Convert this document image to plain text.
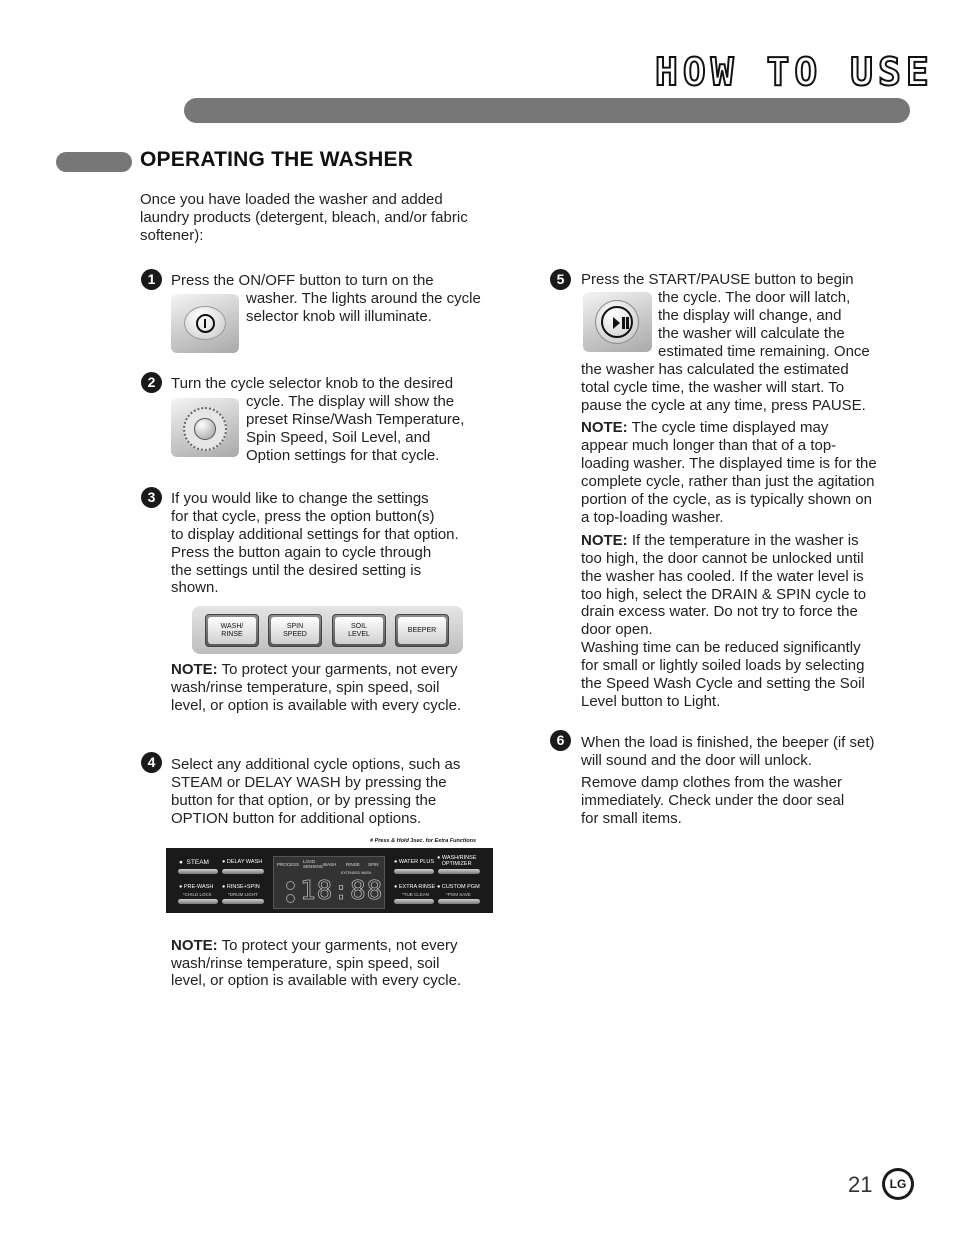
HOW TO USE
OPERATING THE WASHER
Once you have loaded the washer and added laundry products (detergent, bleach, and/or fabric softener):
1	Press the ON/OFF button to turn on the
washer. The lights around the cycle
selector knob will illuminate.
2	Turn the cycle selector knob to the desired
cycle. The display will show the
preset Rinse/Wash Temperature,
Spin Speed, Soil Level, and
Option settings for that cycle.
3	If you would like to change the settings
for that cycle, press the option button(s)
to display additional settings for that option.
Press the button again to cycle through
the settings until the desired setting is
shown.
WASH/
RINSE
SPIN
SPEED
SOIL
LEVEL
BEEPER
NOTE: To protect your garments, not every
wash/rinse temperature, spin speed, soil
level, or option is available with every cycle.
4	Select any additional cycle options, such as
STEAM or DELAY WASH by pressing the
button for that option, or by pressing the
OPTION button for additional options.
# Press & Hold 3sec. for Extra Functions
●  STEAM ● DELAY WASH
● PRE-WASH
*CHILD LOCK
● RINSE+SPIN
*DRUM LIGHT
PROCESS
LOAD SENSING WASH RINSE SPIN
EXTENDED WASH
18:88
● WATER PLUS
● WASH/RINSE
OPTIMIZER
● EXTRA RINSE
*TUB CLEAN
● CUSTOM PGM
*PGM SAVE
NOTE: To protect your garments, not every
wash/rinse temperature, spin speed, soil
level, or option is available with every cycle.
5	Press the START/PAUSE button to begin
the cycle. The door will latch,
the display will change, and
the washer will calculate the
estimated time remaining. Once
the washer has calculated the estimated
total cycle time, the washer will start. To
pause the cycle at any time, press PAUSE.
NOTE: The cycle time displayed may
appear much longer than that of a top-
loading washer. The displayed time is for the
complete cycle, rather than just the agitation
portion of the cycle, as is typically shown on
a top-loading washer.
NOTE: If the temperature in the washer is
too high, the door cannot be unlocked until
the washer has cooled. If the water level is
too high, select the DRAIN & SPIN cycle to
drain excess water. Do not try to force the
door open.
Washing time can be reduced significantly
for small or lightly soiled loads by selecting
the Speed Wash Cycle and setting the Soil
Level button to Light.
6	When the load is finished, the beeper (if set)
will sound and the door will unlock.
Remove damp clothes from the washer
immediately. Check under the door seal
for small items.
21	LG
